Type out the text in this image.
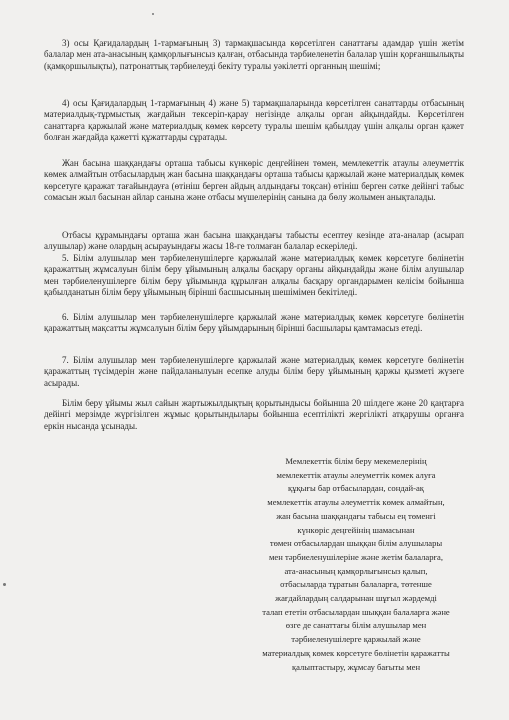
3) осы Қағидалардың 1-тармағының 3) тармақшасында көрсетілген санаттағы адамдар үшін жетім балалар мен ата-анасының қамқорлығынсыз қалған, отбасында тәрбиеленетін балалар үшін қорғаншылықты (қамқоршылықты), патронаттық тәрбиелеуді бекіту туралы уәкілетті органның шешімі;

4) осы Қағидалардың 1-тармағының 4) және 5) тармақшаларында көрсетілген санаттарды отбасының материалдық-тұрмыстық жағдайын тексеріп-қарау негізінде алқалы орган айқындайды. Көрсетілген санаттарға қаржылай және материалдық көмек көрсету туралы шешім қабылдау үшін алқалы орган қажет болған жағдайда қажетті құжаттарды сұратады.

Жан басына шаққандағы орташа табысы күнкөріс деңгейінен төмен, мемлекеттік атаулы әлеуметтік көмек алмайтын отбасылардың жан басына шаққандағы орташа табысы қаржылай және материалдық көмек көрсетуге қаражат тағайындауға (өтініш берген айдың алдындағы тоқсан) өтініш берген сәтке дейінгі табыс сомасын жыл басынан айлар санына және отбасы мүшелерінің санына да бөлу жолымен анықталады.

Отбасы құрамындағы орташа жан басына шаққандағы табысты есептеу кезінде ата-аналар (асырап алушылар) және олардың асырауындағы жасы 18-ге толмаған балалар ескеріледі.

5. Білім алушылар мен тәрбиеленушілерге қаржылай және материалдық көмек көрсетуге бөлінетін қаражаттың жұмсалуын білім беру ұйымының алқалы басқару органы айқындайды және білім алушылар мен тәрбиеленушілерге білім беру ұйымында құрылған алқалы басқару органдарымен келісім бойынша қабылданатын білім беру ұйымының бірінші басшысының шешімімен бекітіледі.

6. Білім алушылар мен тәрбиеленушілерге қаржылай және материалдық көмек көрсетуге бөлінетін қаражаттың мақсатты жұмсалуын білім беру ұйымдарының бірінші басшылары қамтамасыз етеді.

7. Білім алушылар мен тәрбиеленушілерге қаржылай және материалдық көмек көрсетуге бөлінетін қаражаттың түсімдерін және пайдаланылуын есепке алуды білім беру ұйымының қаржы қызметі жүзеге асырады.

Білім беру ұйымы жыл сайын жартыжылдықтың қорытындысы бойынша 20 шілдеге және 20 қаңтарға дейінгі мерзімде жүргізілген жұмыс қорытындылары бойынша есептілікті жергілікті атқарушы органға еркін нысанда ұсынады.

Мемлекеттік білім беру мекемелерінің
мемлекеттік атаулы әлеуметтік көмек алуға
құқығы бар отбасылардан, сондай-ақ
мемлекеттік атаулы әлеуметтік көмек алмайтын,
жан басына шаққандағы табысы ең төменгі
күнкөріс деңгейінің шамасынан
төмен отбасылардан шыққан білім алушылары
мен тәрбиеленушілеріне және жетім балаларға,
ата-анасының қамқорлығынсыз қалып,
отбасыларда тұратын балаларға, төтенше
жағдайлардың салдарынан шұғыл жәрдемді
талап ететін отбасылардан шыққан балаларға және
өзге де санаттағы білім алушылар мен
тәрбиеленушілерге қаржылай және
материалдық көмек көрсетуге бөлінетін қаражатты
қалыптастыру, жұмсау бағыты мен
